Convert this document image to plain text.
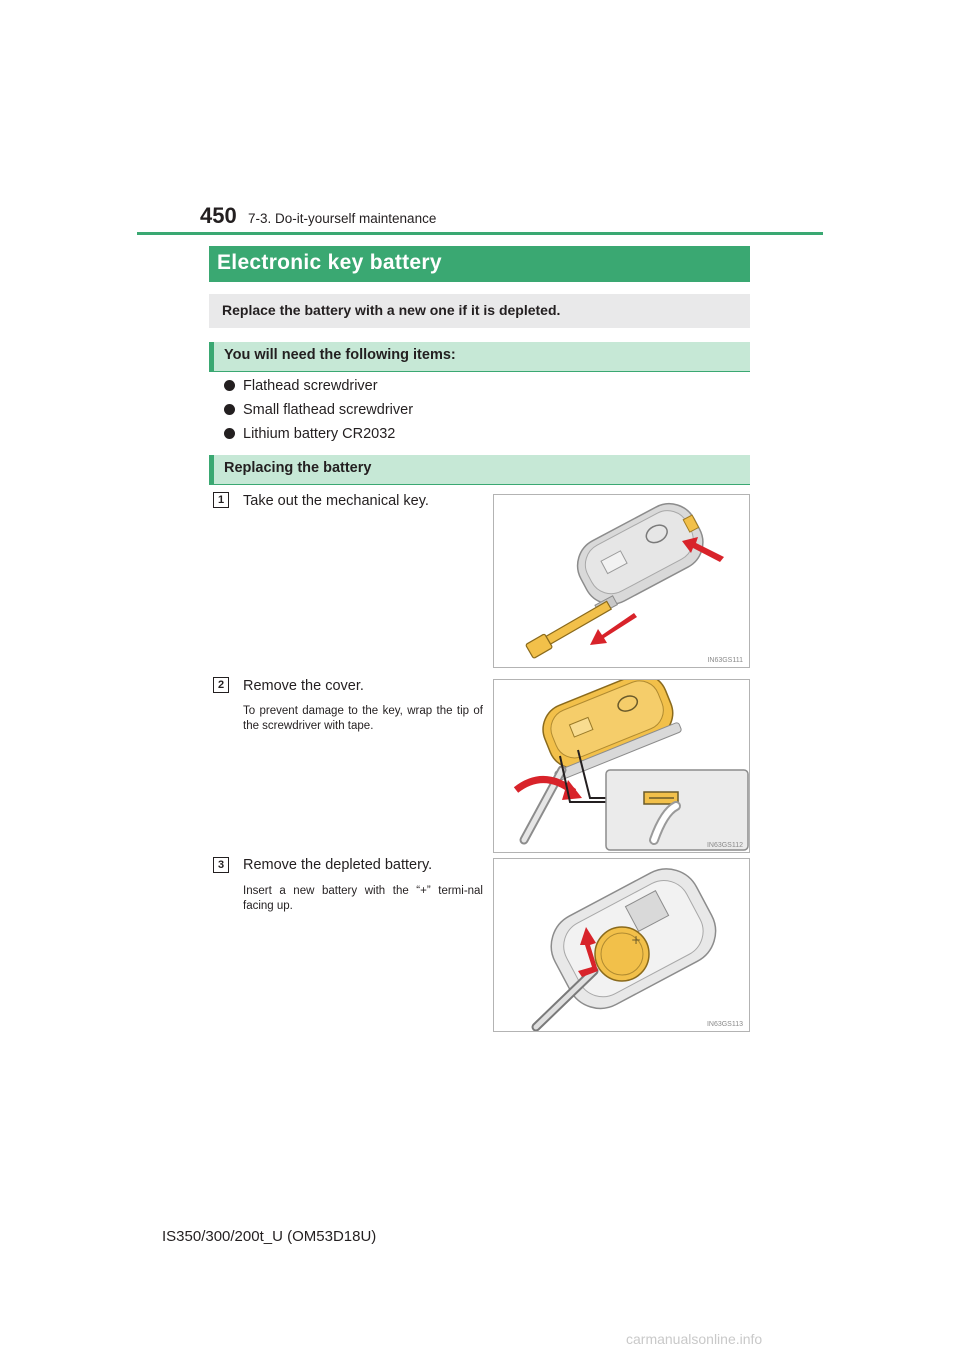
450 7-3. Do-it-yourself maintenance
Electronic key battery
Replace the battery with a new one if it is depleted.
You will need the following items:
Flathead screwdriver
Small flathead screwdriver
Lithium battery CR2032
Replacing the battery
1	Take out the mechanical key.
IN63GS111
2	Remove the cover.
To prevent damage to the key, wrap the tip of the screwdriver with tape.
IN63GS112
3	Remove the depleted battery.
Insert a new battery with the “+” termi-nal facing up.
+
IN63GS113
IS350/300/200t_U (OM53D18U)
carmanualsonline.info
